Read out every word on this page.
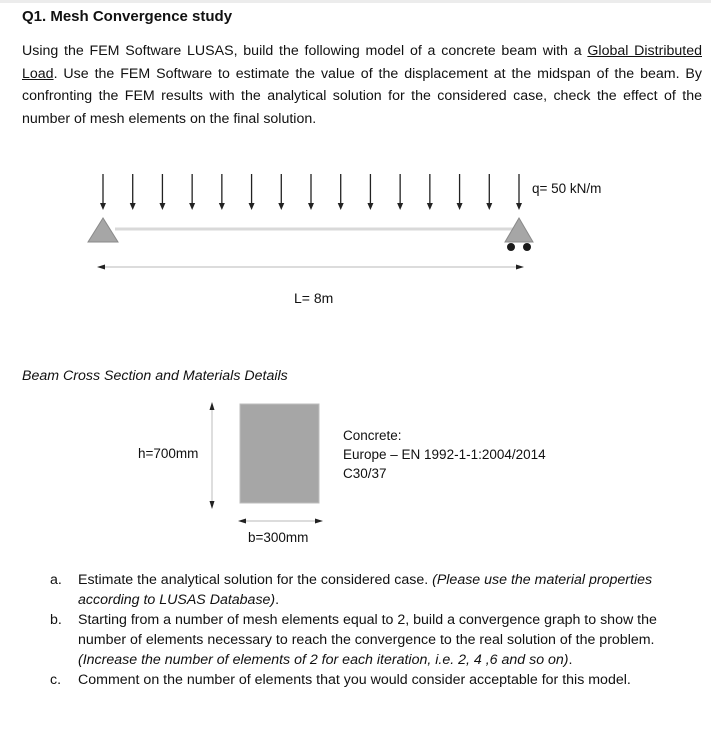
Q1. Mesh Convergence study
Using the FEM Software LUSAS, build the following model of a concrete beam with a Global Distributed Load. Use the FEM Software to estimate the value of the displacement at the midspan of the beam. By confronting the FEM results with the analytical solution for the considered case, check the effect of the number of mesh elements on the final solution.
q= 50 kN/m
L= 8m
Beam Cross Section and Materials Details
h=700mm
b=300mm
Concrete:
Europe – EN 1992-1-1:2004/2014
C30/37

a. Estimate the analytical solution for the considered case. (Please use the material properties according to LUSAS Database).

b. Starting from a number of mesh elements equal to 2, build a convergence graph to show the number of elements necessary to reach the convergence to the real solution of the problem. (Increase the number of elements of 2 for each iteration, i.e. 2, 4 ,6 and so on).

c. Comment on the number of elements that you would consider acceptable for this model.
